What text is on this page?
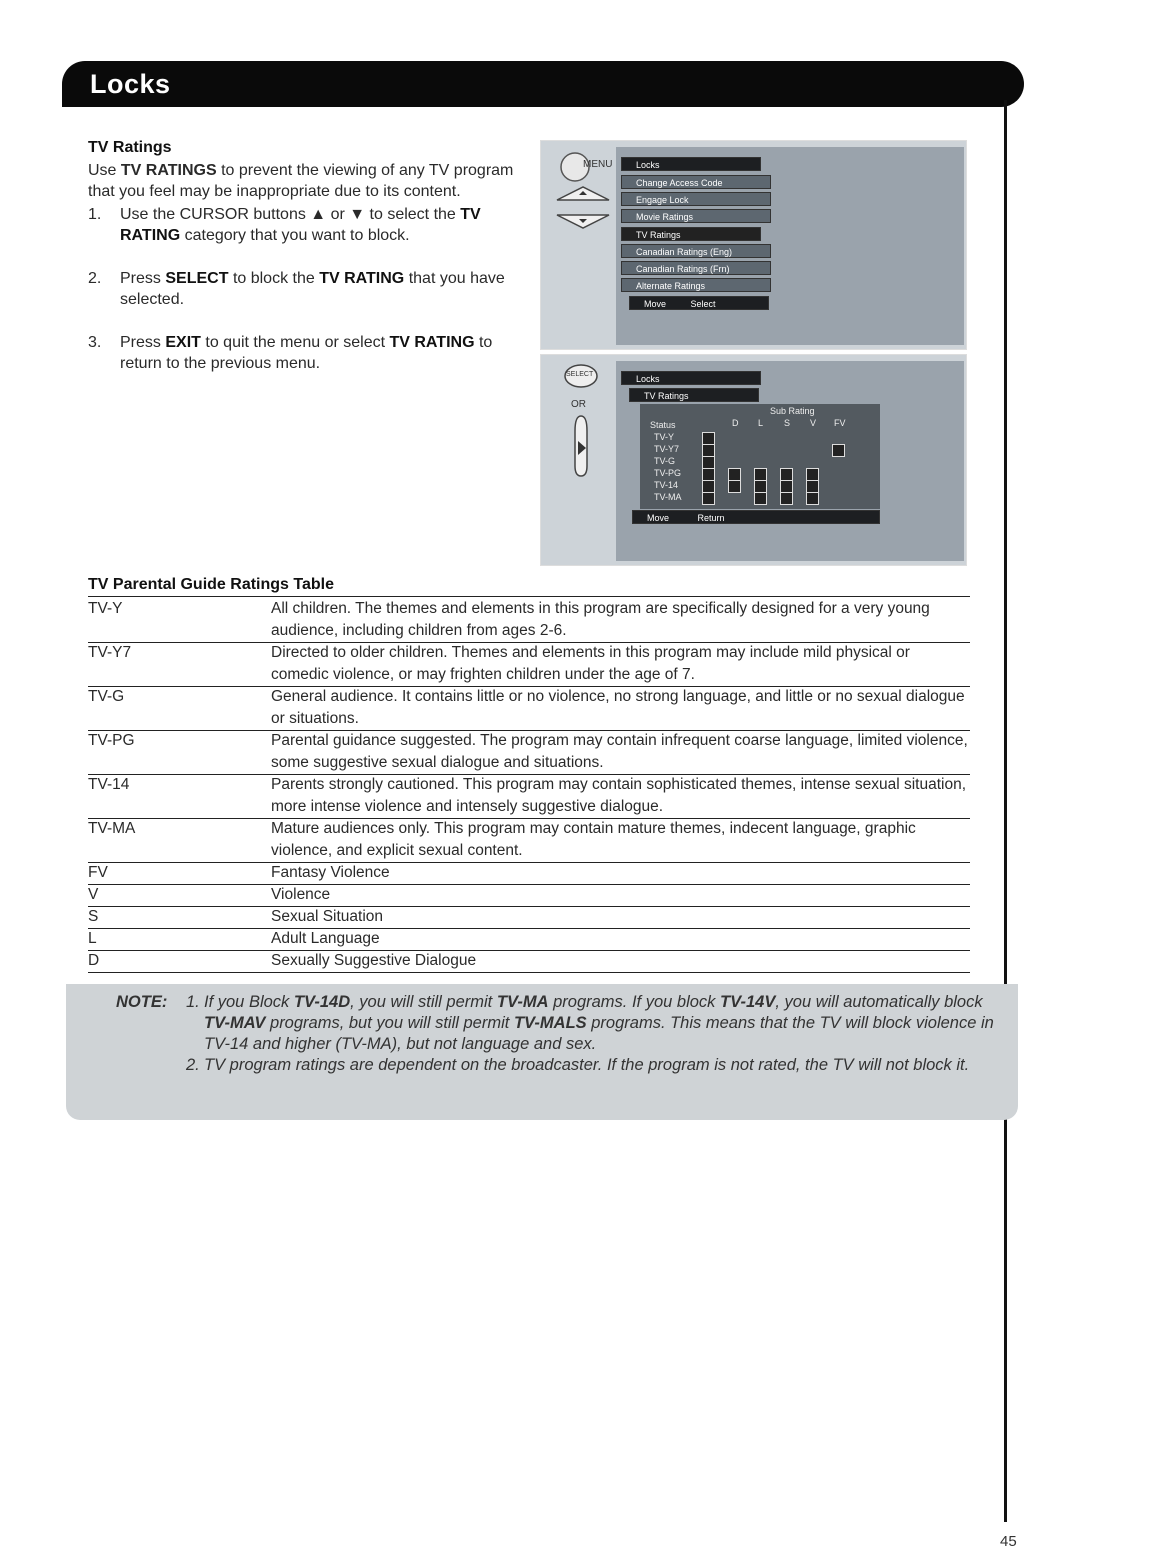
Locks
TV Ratings

Use TV RATINGS to prevent the viewing of any TV program that you feel may be inappropriate due to its content.

1. Use the CURSOR buttons ▲ or ▼ to select the TV RATING category that you want to block.
2. Press SELECT to block the TV RATING that you have selected.
3. Press EXIT to quit the menu or select TV RATING to return to the previous menu.
MENU	Locks
Change Access Code
Engage Lock
Movie Ratings
TV Ratings
Canadian Ratings (Eng)
Canadian Ratings (Frn)
Alternate Ratings
Move	Select
SELECT
OR
Locks
TV Ratings
Sub Rating
Status	D L S V FV
TV-Y
TV-Y7
TV-G
TV-PG
TV-14
TV-MA
Move	Return
TV Parental Guide Ratings Table
TV-Y	All children. The themes and elements in this program are specifically designed for a very young audience, including children from ages 2-6.
TV-Y7	Directed to older children. Themes and elements in this program may include mild physical or comedic violence, or may frighten children under the age of 7.
TV-G	General audience. It contains little or no violence, no strong language, and little or no sexual dialogue or situations.
TV-PG	Parental guidance suggested. The program may contain infrequent coarse language, limited violence, some suggestive sexual dialogue and situations.
TV-14	Parents strongly cautioned. This program may contain sophisticated themes, intense sexual situation, more intense violence and intensely suggestive dialogue.
TV-MA	Mature audiences only. This program may contain mature themes, indecent language, graphic violence, and explicit sexual content.
FV	Fantasy Violence
V	Violence
S	Sexual Situation
L	Adult Language
D	Sexually Suggestive Dialogue
NOTE: 1. If you Block TV-14D, you will still permit TV-MA programs. If you block TV-14V, you will automatically block TV-MAV programs, but you will still permit TV-MALS programs. This means that the TV will block violence in TV-14 and higher (TV-MA), but not language and sex.
2. TV program ratings are dependent on the broadcaster. If the program is not rated, the TV will not block it.
45
